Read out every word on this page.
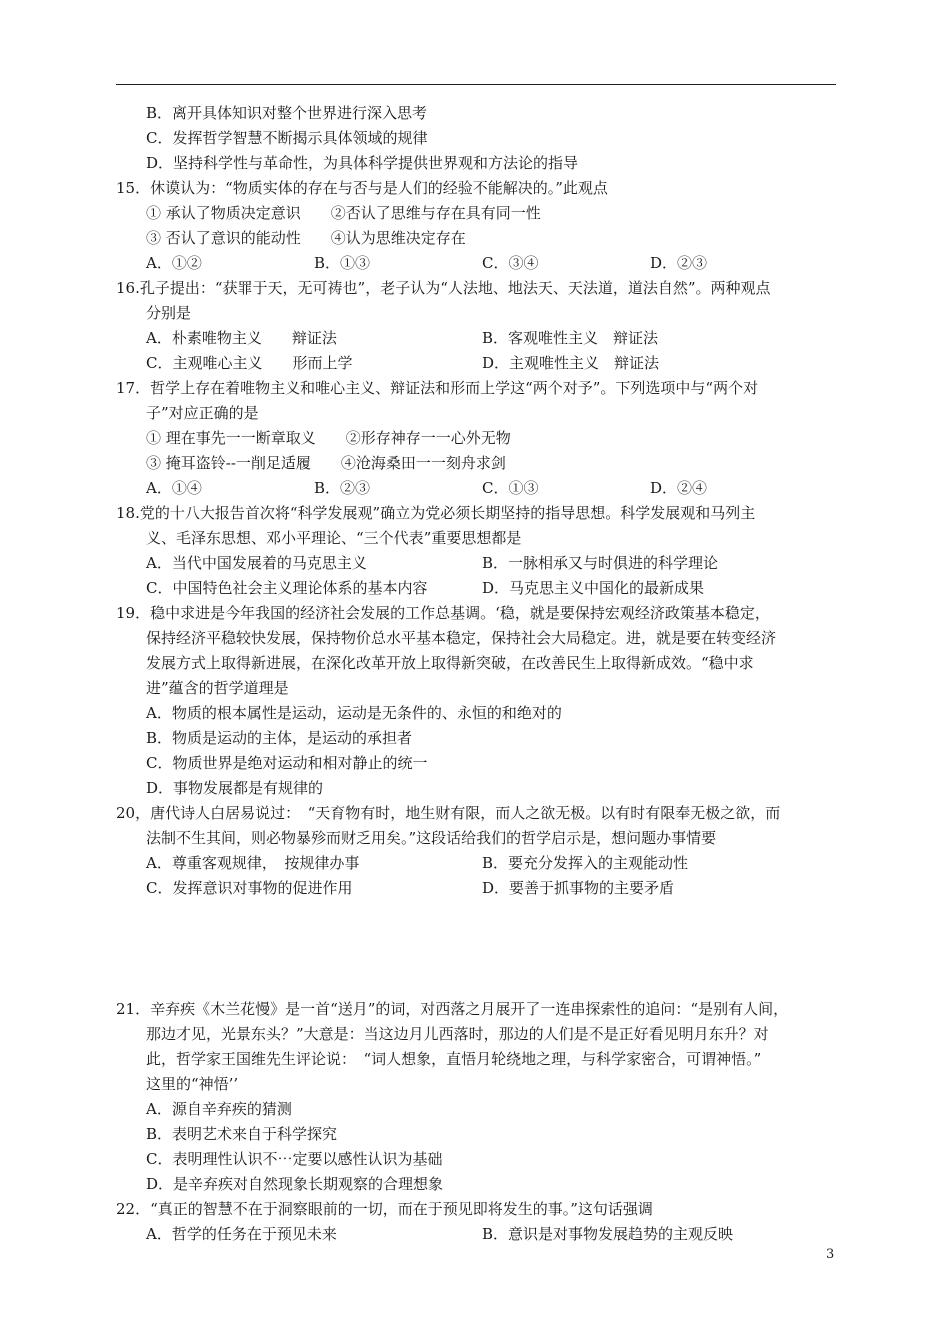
B．离开具体知识对整个世界进行深入思考
C．发挥哲学智慧不断揭示具体领域的规律
D．坚持科学性与革命性，为具体科学提供世界观和方法论的指导
15．休谟认为：“物质实体的存在与否与是人们的经验不能解决的。”此观点
① 承认了物质决定意识　　②否认了思维与存在具有同一性
③ 否认了意识的能动性　　④认为思维决定存在
A．①②	B．①③	C．③④	D．②③
16.孔子提出：“获罪于天，无可祷也”，老子认为“人法地、地法天、天法道，道法自然”。两种观点
分别是
A．朴素唯物主义　　辩证法	B．客观唯性主义　辩证法
C．主观唯心主义　　形而上学	D．主观唯性主义　辩证法
17．哲学上存在着唯物主义和唯心主义、辩证法和形而上学这“两个对予”。下列选项中与“两个对
子”对应正确的是
① 理在事先一一断章取义　　②形存神存一一心外无物
③ 掩耳盗铃--一削足适履　　④沧海桑田一一刻舟求剑
A．①④	B．②③	C．①③	D．②④
18.党的十八大报告首次将“科学发展观”确立为党必须长期坚持的指导思想。科学发展观和马列主
义、毛泽东思想、邓小平理论、“三个代表”重要思想都是
A．当代中国发展着的马克思主义	B．一脉相承又与时俱进的科学理论
C．中国特色社会主义理论体系的基本内容	D．马克思主义中国化的最新成果
19．稳中求进是今年我国的经济社会发展的工作总基调。‘稳，就是要保持宏观经济政策基本稳定，
保持经济平稳较快发展，保持物价总水平基本稳定，保持社会大局稳定。进，就是要在转变经济
发展方式上取得新进展，在深化改革开放上取得新突破，在改善民生上取得新成效。“稳中求
进”蕴含的哲学道理是
A．物质的根本属性是运动，运动是无条件的、永恒的和绝对的
B．物质是运动的主体，是运动的承担者
C．物质世界是绝对运动和相对静止的统一
D．事物发展都是有规律的
20，唐代诗人白居易说过：　“天育物有时，地生财有限，而人之欲无极。以有时有限奉无极之欲，而
法制不生其间，则必物暴殄而财乏用矣。”这段话给我们的哲学启示是，想问题办事情要
A．尊重客观规律，　按规律办事	B．要充分发挥入的主观能动性
C．发挥意识对事物的促进作用	D．要善于抓事物的主要矛盾
21．辛弃疾《木兰花慢》是一首“送月”的词，对西落之月展开了一连串探索性的追问：“是别有人间，
那边才见，光景东头？”大意是：当这边月儿西落时，那边的人们是不是正好看见明月东升？对
此，哲学家王国维先生评论说：　“词人想象，直悟月轮绕地之理，与科学家密合，可谓神悟。”
这里的“神悟’’
A．源自辛弃疾的猜测
B．表明艺术来自于科学探究
C．表明理性认识不⋯定要以感性认识为基础
D．是辛弃疾对自然现象长期观察的合理想象
22．“真正的智慧不在于洞察眼前的一切，而在于预见即将发生的事。”这句话强调
A．哲学的任务在于预见未来	B．意识是对事物发展趋势的主观反映
3
